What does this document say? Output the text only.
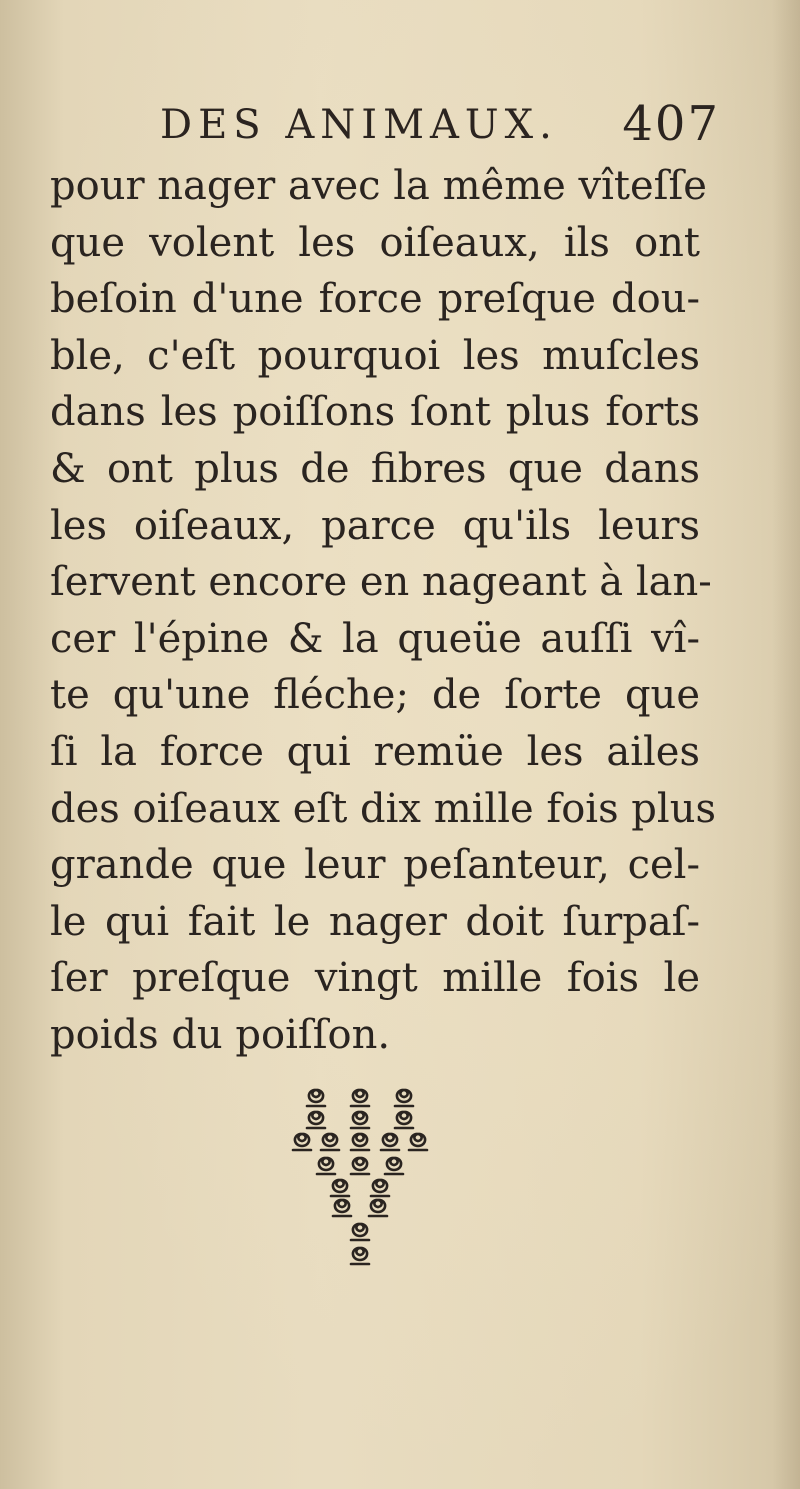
DES ANIMAUX. 407
pour nager avec la même vîteſſe
que volent les oiſeaux, ils ont
beſoin d'une force preſque dou-
ble, c'eſt pourquoi les muſcles
dans les poiſſons ſont plus forts
& ont plus de fibres que dans
les oiſeaux, parce qu'ils leurs
ſervent encore en nageant à lan-
cer l'épine & la queüe auſſi vî-
te qu'une fléche; de ſorte que
ſi la force qui remüe les ailes
des oiſeaux eſt dix mille fois plus
grande que leur peſanteur, cel-
le qui fait le nager doit ſurpaſ-
ſer preſque vingt mille fois le
poids du poiſſon.
